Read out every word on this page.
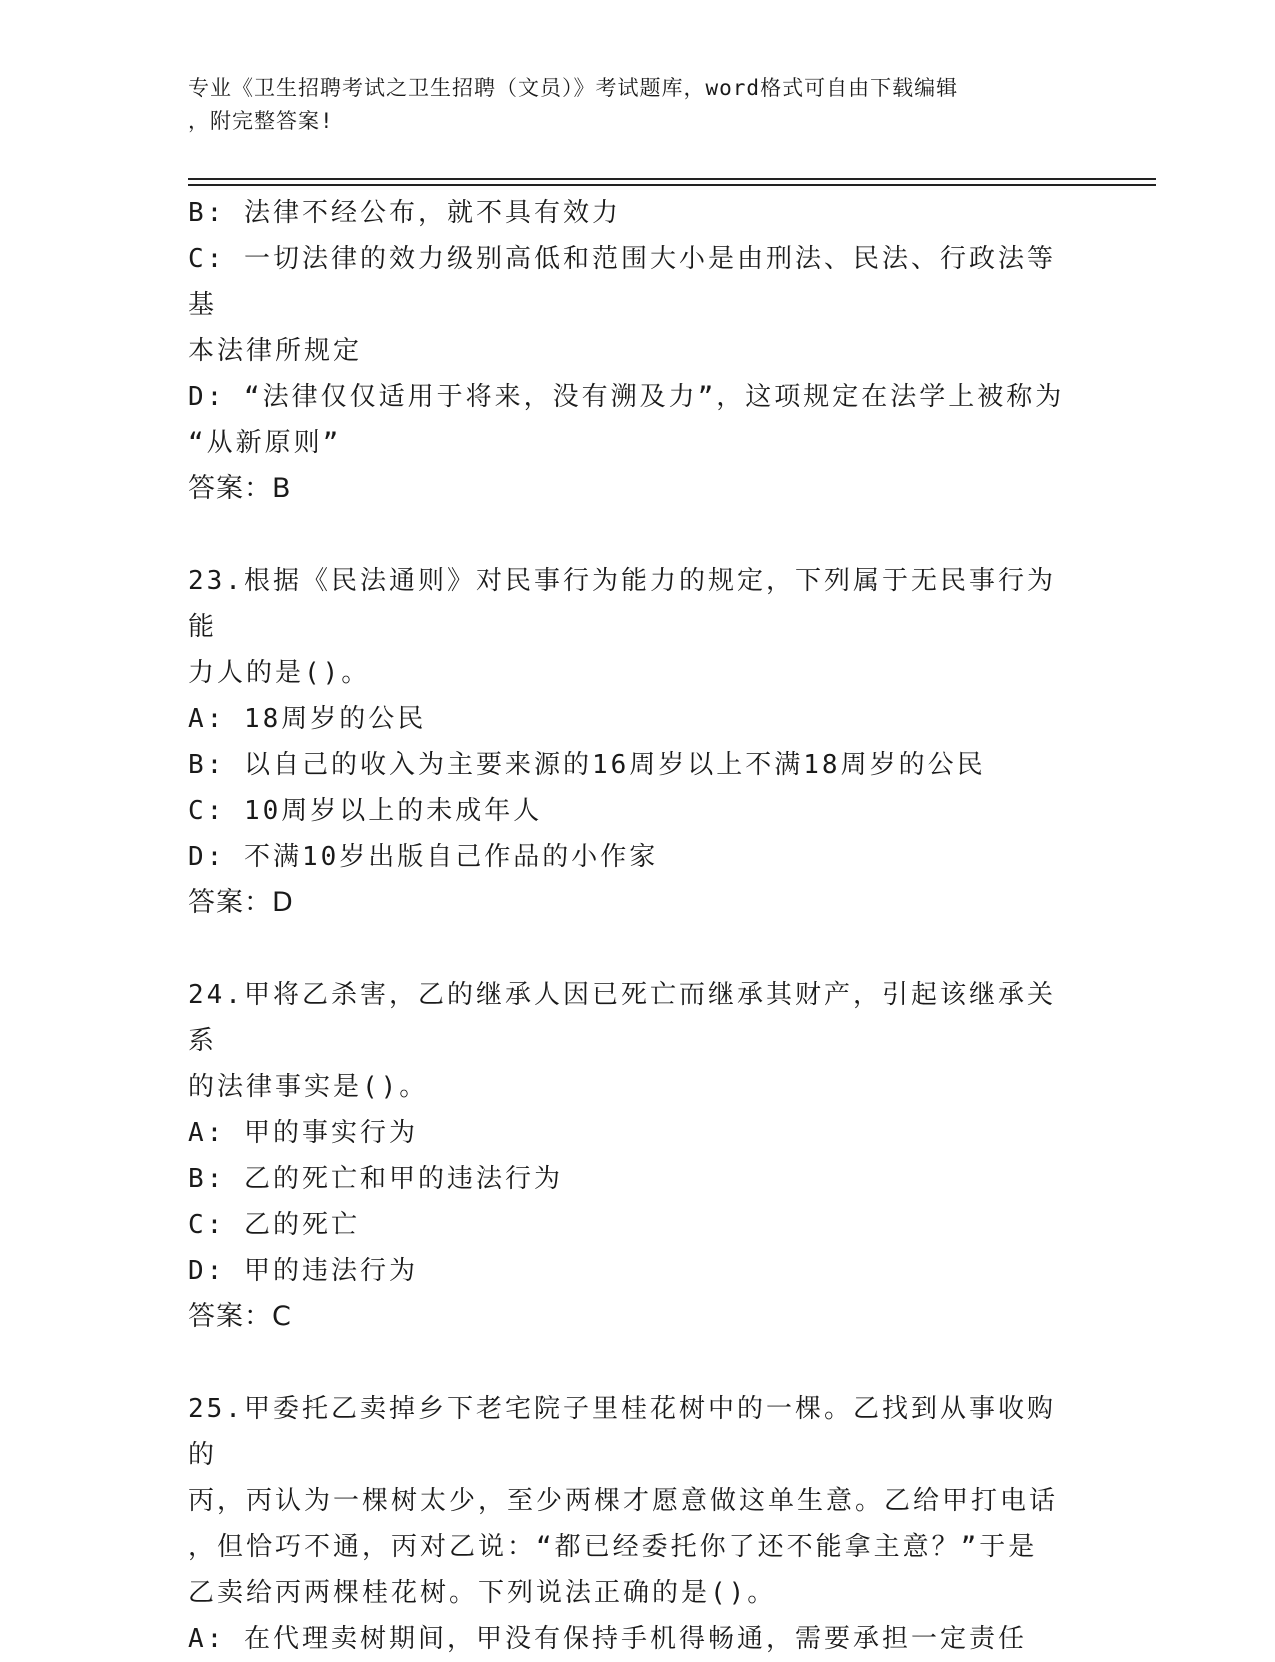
专业《卫生招聘考试之卫生招聘（文员）》考试题库，word格式可自由下载编辑
，附完整答案!
B: 法律不经公布，就不具有效力
C: 一切法律的效力级别高低和范围大小是由刑法、民法、行政法等基
本法律所规定
D: “法律仅仅适用于将来，没有溯及力”，这项规定在法学上被称为
“从新原则”
答案：B
23.根据《民法通则》对民事行为能力的规定，下列属于无民事行为能
力人的是()。
A: 18周岁的公民
B: 以自己的收入为主要来源的16周岁以上不满18周岁的公民
C: 10周岁以上的未成年人
D: 不满10岁出版自己作品的小作家
答案：D
24.甲将乙杀害，乙的继承人因已死亡而继承其财产，引起该继承关系
的法律事实是()。
A: 甲的事实行为
B: 乙的死亡和甲的违法行为
C: 乙的死亡
D: 甲的违法行为
答案：C
25.甲委托乙卖掉乡下老宅院子里桂花树中的一棵。乙找到从事收购的
丙，丙认为一棵树太少，至少两棵才愿意做这单生意。乙给甲打电话
，但恰巧不通，丙对乙说：“都已经委托你了还不能拿主意？”于是
乙卖给丙两棵桂花树。下列说法正确的是()。
A: 在代理卖树期间，甲没有保持手机得畅通，需要承担一定责任
